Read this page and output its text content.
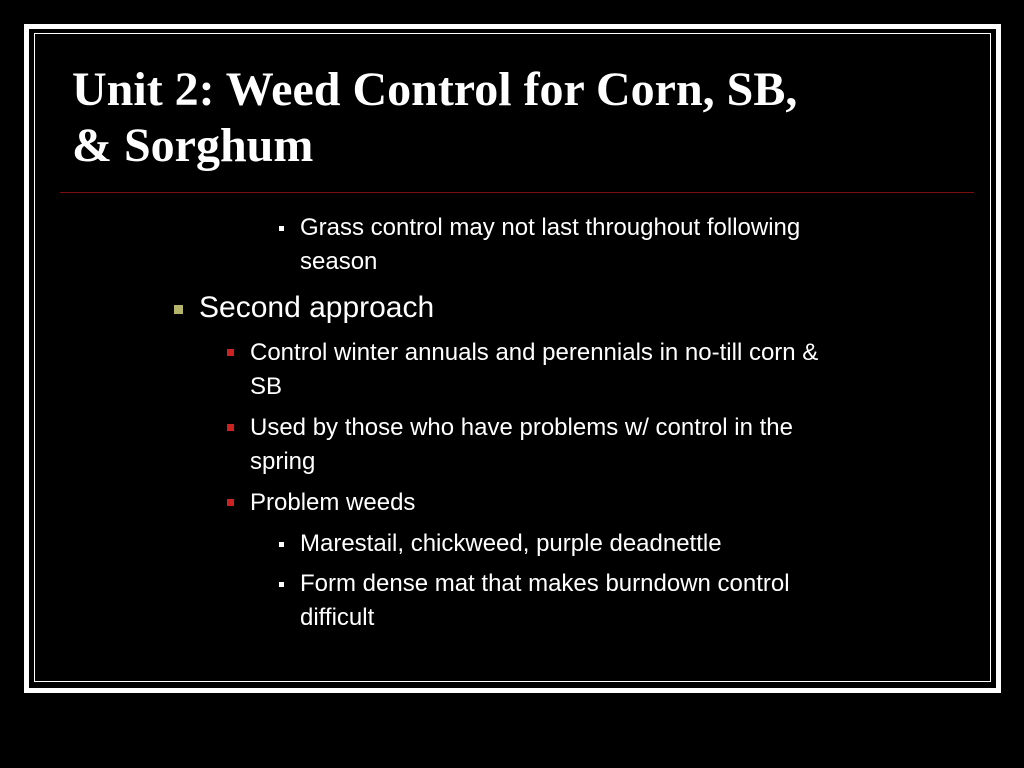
Unit 2: Weed Control for Corn, SB,
& Sorghum
Grass control may not last throughout following
season
Second approach
Control winter annuals and perennials in no-till corn &
SB
Used by those who have problems w/ control in the
spring
Problem weeds
Marestail, chickweed, purple deadnettle
Form dense mat that makes burndown control
difficult
